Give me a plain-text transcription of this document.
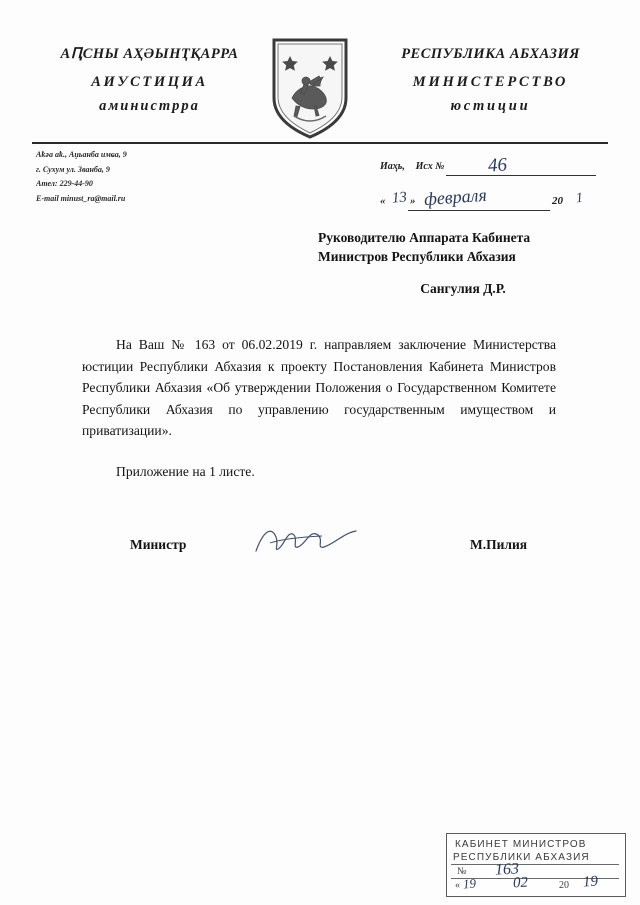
АԤСНЫ АҲӘЫНҬҚАРРА
АИУСТИЦИА
аминистрра
РЕСПУБЛИКА АБХАЗИЯ
МИНИСТЕРСТВО
юстиции
Аҟәа аҟ., Аџьанба имҩа, 9
г. Сухум ул. Званба, 9
Ател: 229-44-90
E-mail minust_ra@mail.ru
Иаҳь, Исх № 46
« 13 » февраля	20 1
Руководителю Аппарата Кабинета
Министров Республики Абхазия
Сангулия Д.Р.

На Ваш № 163 от 06.02.2019 г. направляем заключение Министерства юстиции Республики Абхазия к проекту Постановления Кабинета Министров Республики Абхазия «Об утверждении Положения о Государственном Комитете Республики Абхазия по управлению государственным имуществом и приватизации».

Приложение на 1 листе.

Министр	М.Пилия
КАБИНЕТ МИНИСТРОВ
РЕСПУБЛИКИ АБХАЗИЯ
№ 163
« 19 02	20 19
